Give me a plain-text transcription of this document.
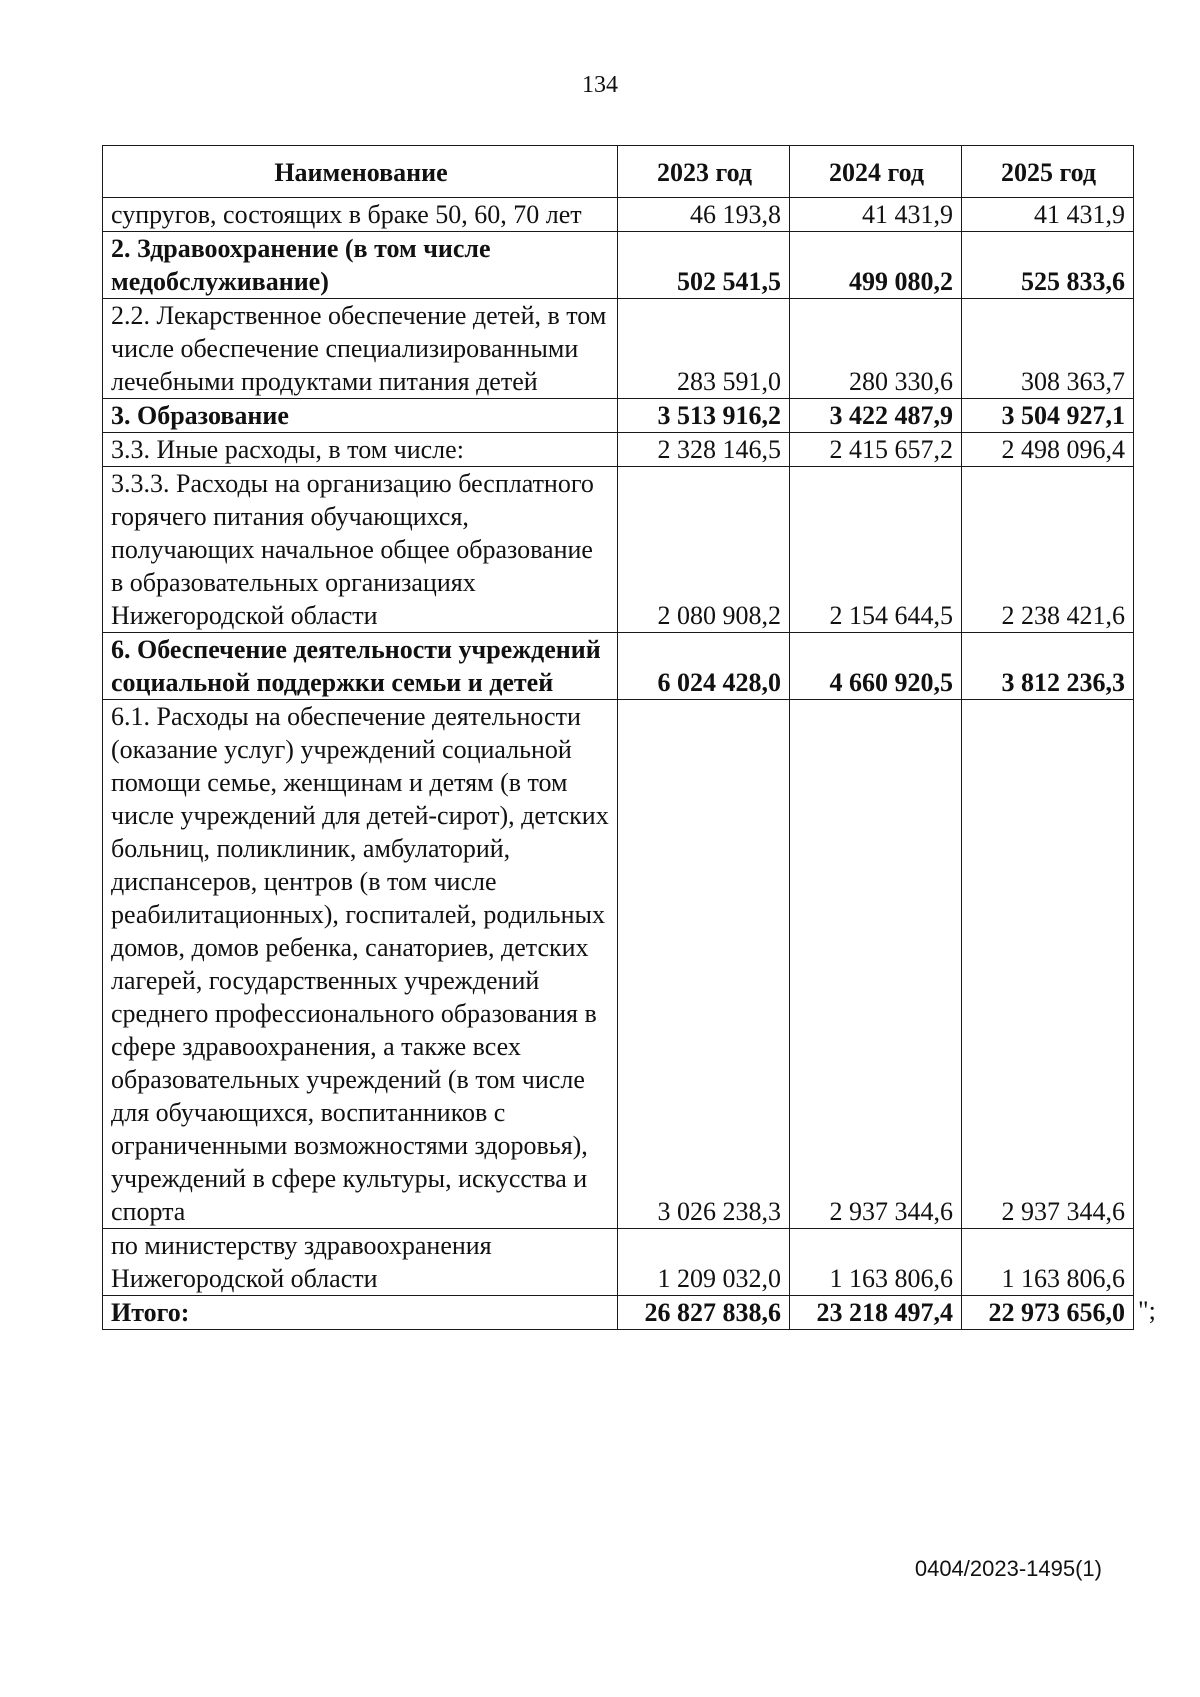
134
Наименование	2023 год	2024 год	2025 год
супругов, состоящих в браке 50, 60, 70 лет	46 193,8	41 431,9	41 431,9
2. Здравоохранение (в том числе медобслуживание)	502 541,5	499 080,2	525 833,6
2.2. Лекарственное обеспечение детей, в том числе обеспечение специализированными лечебными продуктами питания детей	283 591,0	280 330,6	308 363,7
3. Образование	3 513 916,2	3 422 487,9	3 504 927,1
3.3. Иные расходы, в том числе:	2 328 146,5	2 415 657,2	2 498 096,4
3.3.3. Расходы на организацию бесплатного горячего питания обучающихся, получающих начальное общее образование в образовательных организациях Нижегородской области	2 080 908,2	2 154 644,5	2 238 421,6
6. Обеспечение деятельности учреждений социальной поддержки семьи и детей	6 024 428,0	4 660 920,5	3 812 236,3
6.1. Расходы на обеспечение деятельности (оказание услуг) учреждений социальной помощи семье, женщинам и детям (в том числе учреждений для детей-сирот), детских больниц, поликлиник, амбулаторий, диспансеров, центров (в том числе реабилитационных), госпиталей, родильных домов, домов ребенка, санаториев, детских лагерей, государственных учреждений среднего профессионального образования в сфере здравоохранения, а также всех образовательных учреждений (в том числе для обучающихся, воспитанников с ограниченными возможностями здоровья), учреждений в сфере культуры, искусства и спорта	3 026 238,3	2 937 344,6	2 937 344,6
по министерству здравоохранения Нижегородской области	1 209 032,0	1 163 806,6	1 163 806,6
Итого:	26 827 838,6	23 218 497,4	22 973 656,0 ";
0404/2023-1495(1)
